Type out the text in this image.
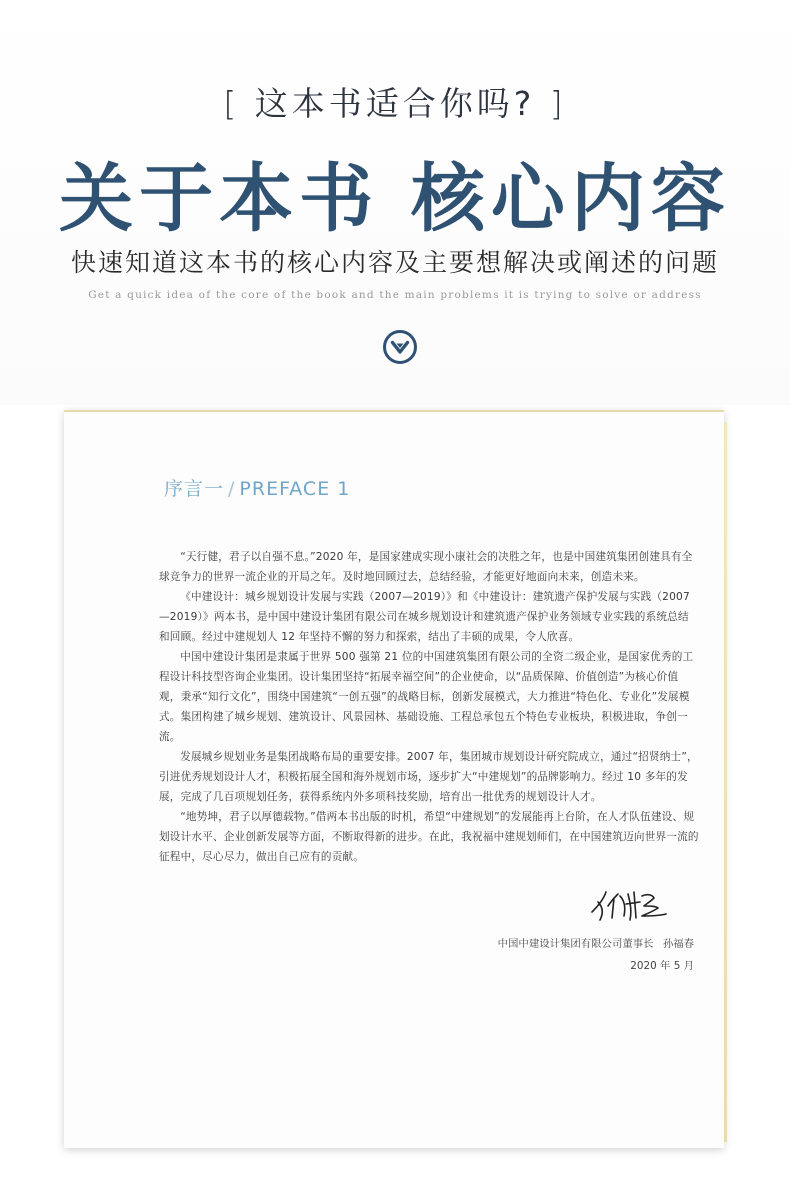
[ 这本书适合你吗? ]
关于本书 核心内容
快速知道这本书的核心内容及主要想解决或阐述的问题
Get a quick idea of the core of the book and the main problems it is trying to solve or address
序言一 / PREFACE 1

“天行健，君子以自强不息。”2020 年，是国家建成实现小康社会的决胜之年，也是中国建筑集团创建具有全球竞争力的世界一流企业的开局之年。及时地回顾过去，总结经验，才能更好地面向未来，创造未来。

《中建设计：城乡规划设计发展与实践（2007—2019）》和《中建设计：建筑遗产保护发展与实践（2007—2019）》两本书，是中国中建设计集团有限公司在城乡规划设计和建筑遗产保护业务领域专业实践的系统总结和回顾。经过中建规划人 12 年坚持不懈的努力和探索，结出了丰硕的成果，令人欣喜。

中国中建设计集团是隶属于世界 500 强第 21 位的中国建筑集团有限公司的全资二级企业，是国家优秀的工程设计科技型咨询企业集团。设计集团坚持“拓展幸福空间”的企业使命，以“品质保障、价值创造”为核心价值观，秉承“知行文化”，围绕中国建筑“一创五强”的战略目标，创新发展模式，大力推进“特色化、专业化”发展模式。集团构建了城乡规划、建筑设计、风景园林、基础设施、工程总承包五个特色专业板块，积极进取，争创一流。

发展城乡规划业务是集团战略布局的重要安排。2007 年，集团城市规划设计研究院成立，通过“招贤纳士”，引进优秀规划设计人才，积极拓展全国和海外规划市场，逐步扩大“中建规划”的品牌影响力。经过 10 多年的发展，完成了几百项规划任务，获得系统内外多项科技奖励，培育出一批优秀的规划设计人才。

“地势坤，君子以厚德载物。”借两本书出版的时机，希望“中建规划”的发展能再上台阶，在人才队伍建设、规划设计水平、企业创新发展等方面，不断取得新的进步。在此，我祝福中建规划师们，在中国建筑迈向世界一流的征程中，尽心尽力，做出自己应有的贡献。

中国中建设计集团有限公司董事长 孙福春
2020 年 5 月
